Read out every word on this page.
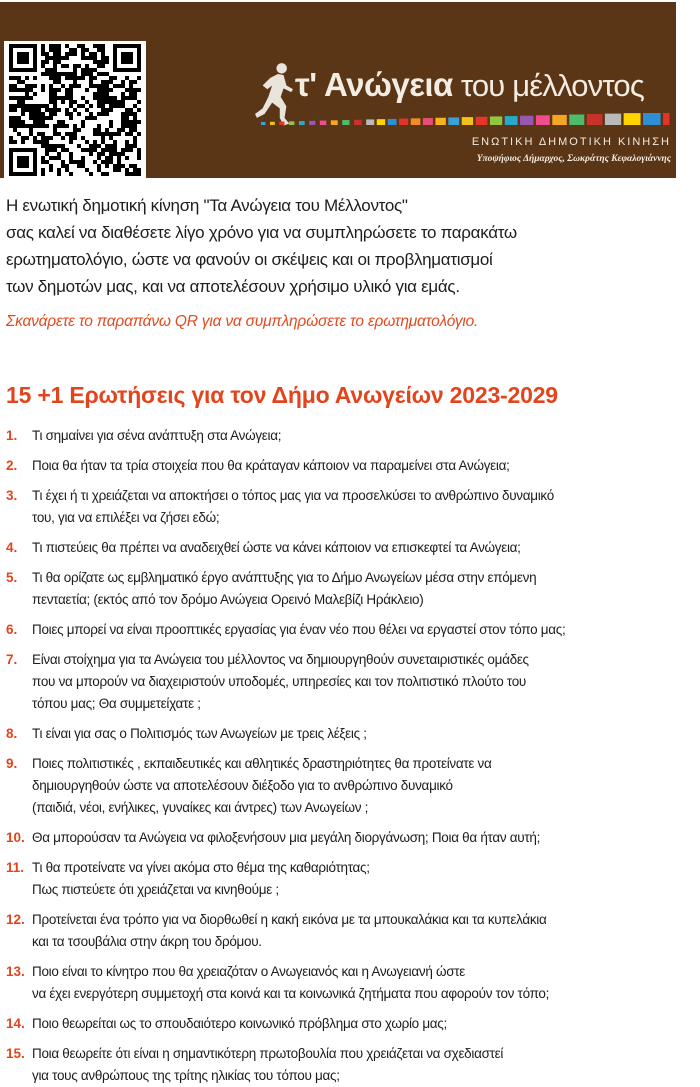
τ' Ανώγεια του μέλλοντος
ΕΝΩΤΙΚΗ ΔΗΜΟΤΙΚΗ ΚΙΝΗΣΗ
Υποψήφιος Δήμαρχος, Σωκράτης Κεφαλογιάννης

Η ενωτική δημοτική κίνηση "Τα Ανώγεια του Μέλλοντος"

σας καλεί να διαθέσετε λίγο χρόνο για να συμπληρώσετε το παρακάτω

ερωτηματολόγιο, ώστε να φανούν οι σκέψεις και οι προβληματισμοί

των δημοτών μας, και να αποτελέσουν χρήσιμο υλικό για εμάς.

Σκανάρετε το παραπάνω QR για να συμπληρώσετε το ερωτηματολόγιο.
15 +1 Ερωτήσεις για τον Δήμο Ανωγείων 2023-2029
1. Τι σημαίνει για σένα ανάπτυξη στα Ανώγεια;
2. Ποια θα ήταν τα τρία στοιχεία που θα κράταγαν κάποιον να παραμείνει στα Ανώγεια;
3. Τι έχει ή τι χρειάζεται να αποκτήσει ο τόπος μας για να προσελκύσει το ανθρώπινο δυναμικό
του, για να επιλέξει να ζήσει εδώ;
4. Τι πιστεύεις θα πρέπει να αναδειχθεί ώστε να κάνει κάποιον να επισκεφτεί τα Ανώγεια;
5. Τι θα ορίζατε ως εμβληματικό έργο ανάπτυξης για το Δήμο Ανωγείων μέσα στην επόμενη
πενταετία; (εκτός από τον δρόμο Ανώγεια Ορεινό Μαλεβίζι Ηράκλειο)
6. Ποιες μπορεί να είναι προοπτικές εργασίας για έναν νέο που θέλει να εργαστεί στον τόπο μας;
7. Είναι στοίχημα για τα Ανώγεια του μέλλοντος να δημιουργηθούν συνεταιριστικές ομάδες
που να μπορούν να διαχειριστούν υποδομές, υπηρεσίες και τον πολιτιστικό πλούτο του
τόπου μας; Θα συμμετείχατε ;
8. Τι είναι για σας ο Πολιτισμός των Ανωγείων με τρεις λέξεις ;
9. Ποιες πολιτιστικές , εκπαιδευτικές και αθλητικές δραστηριότητες θα προτείνατε να
δημιουργηθούν ώστε να αποτελέσουν διέξοδο για το ανθρώπινο δυναμικό
(παιδιά, νέοι, ενήλικες, γυναίκες και άντρες) των Ανωγείων ;
10. Θα μπορούσαν τα Ανώγεια να φιλοξενήσουν μια μεγάλη διοργάνωση; Ποια θα ήταν αυτή;
11. Τι θα προτείνατε να γίνει ακόμα στο θέμα της καθαριότητας;
Πως πιστεύετε ότι χρειάζεται να κινηθούμε ;
12. Προτείνεται ένα τρόπο για να διορθωθεί η κακή εικόνα με τα μπουκαλάκια και τα κυπελάκια
και τα τσουβάλια στην άκρη του δρόμου.
13. Ποιο είναι το κίνητρο που θα χρειαζόταν ο Ανωγειανός και η Ανωγειανή ώστε
να έχει ενεργότερη συμμετοχή στα κοινά και τα κοινωνικά ζητήματα που αφορούν τον τόπο;
14. Ποιο θεωρείται ως το σπουδαιότερο κοινωνικό πρόβλημα στο χωρίο μας;
15. Ποια θεωρείτε ότι είναι η σημαντικότερη πρωτοβουλία που χρειάζεται να σχεδιαστεί
για τους ανθρώπους της τρίτης ηλικίας του τόπου μας;
